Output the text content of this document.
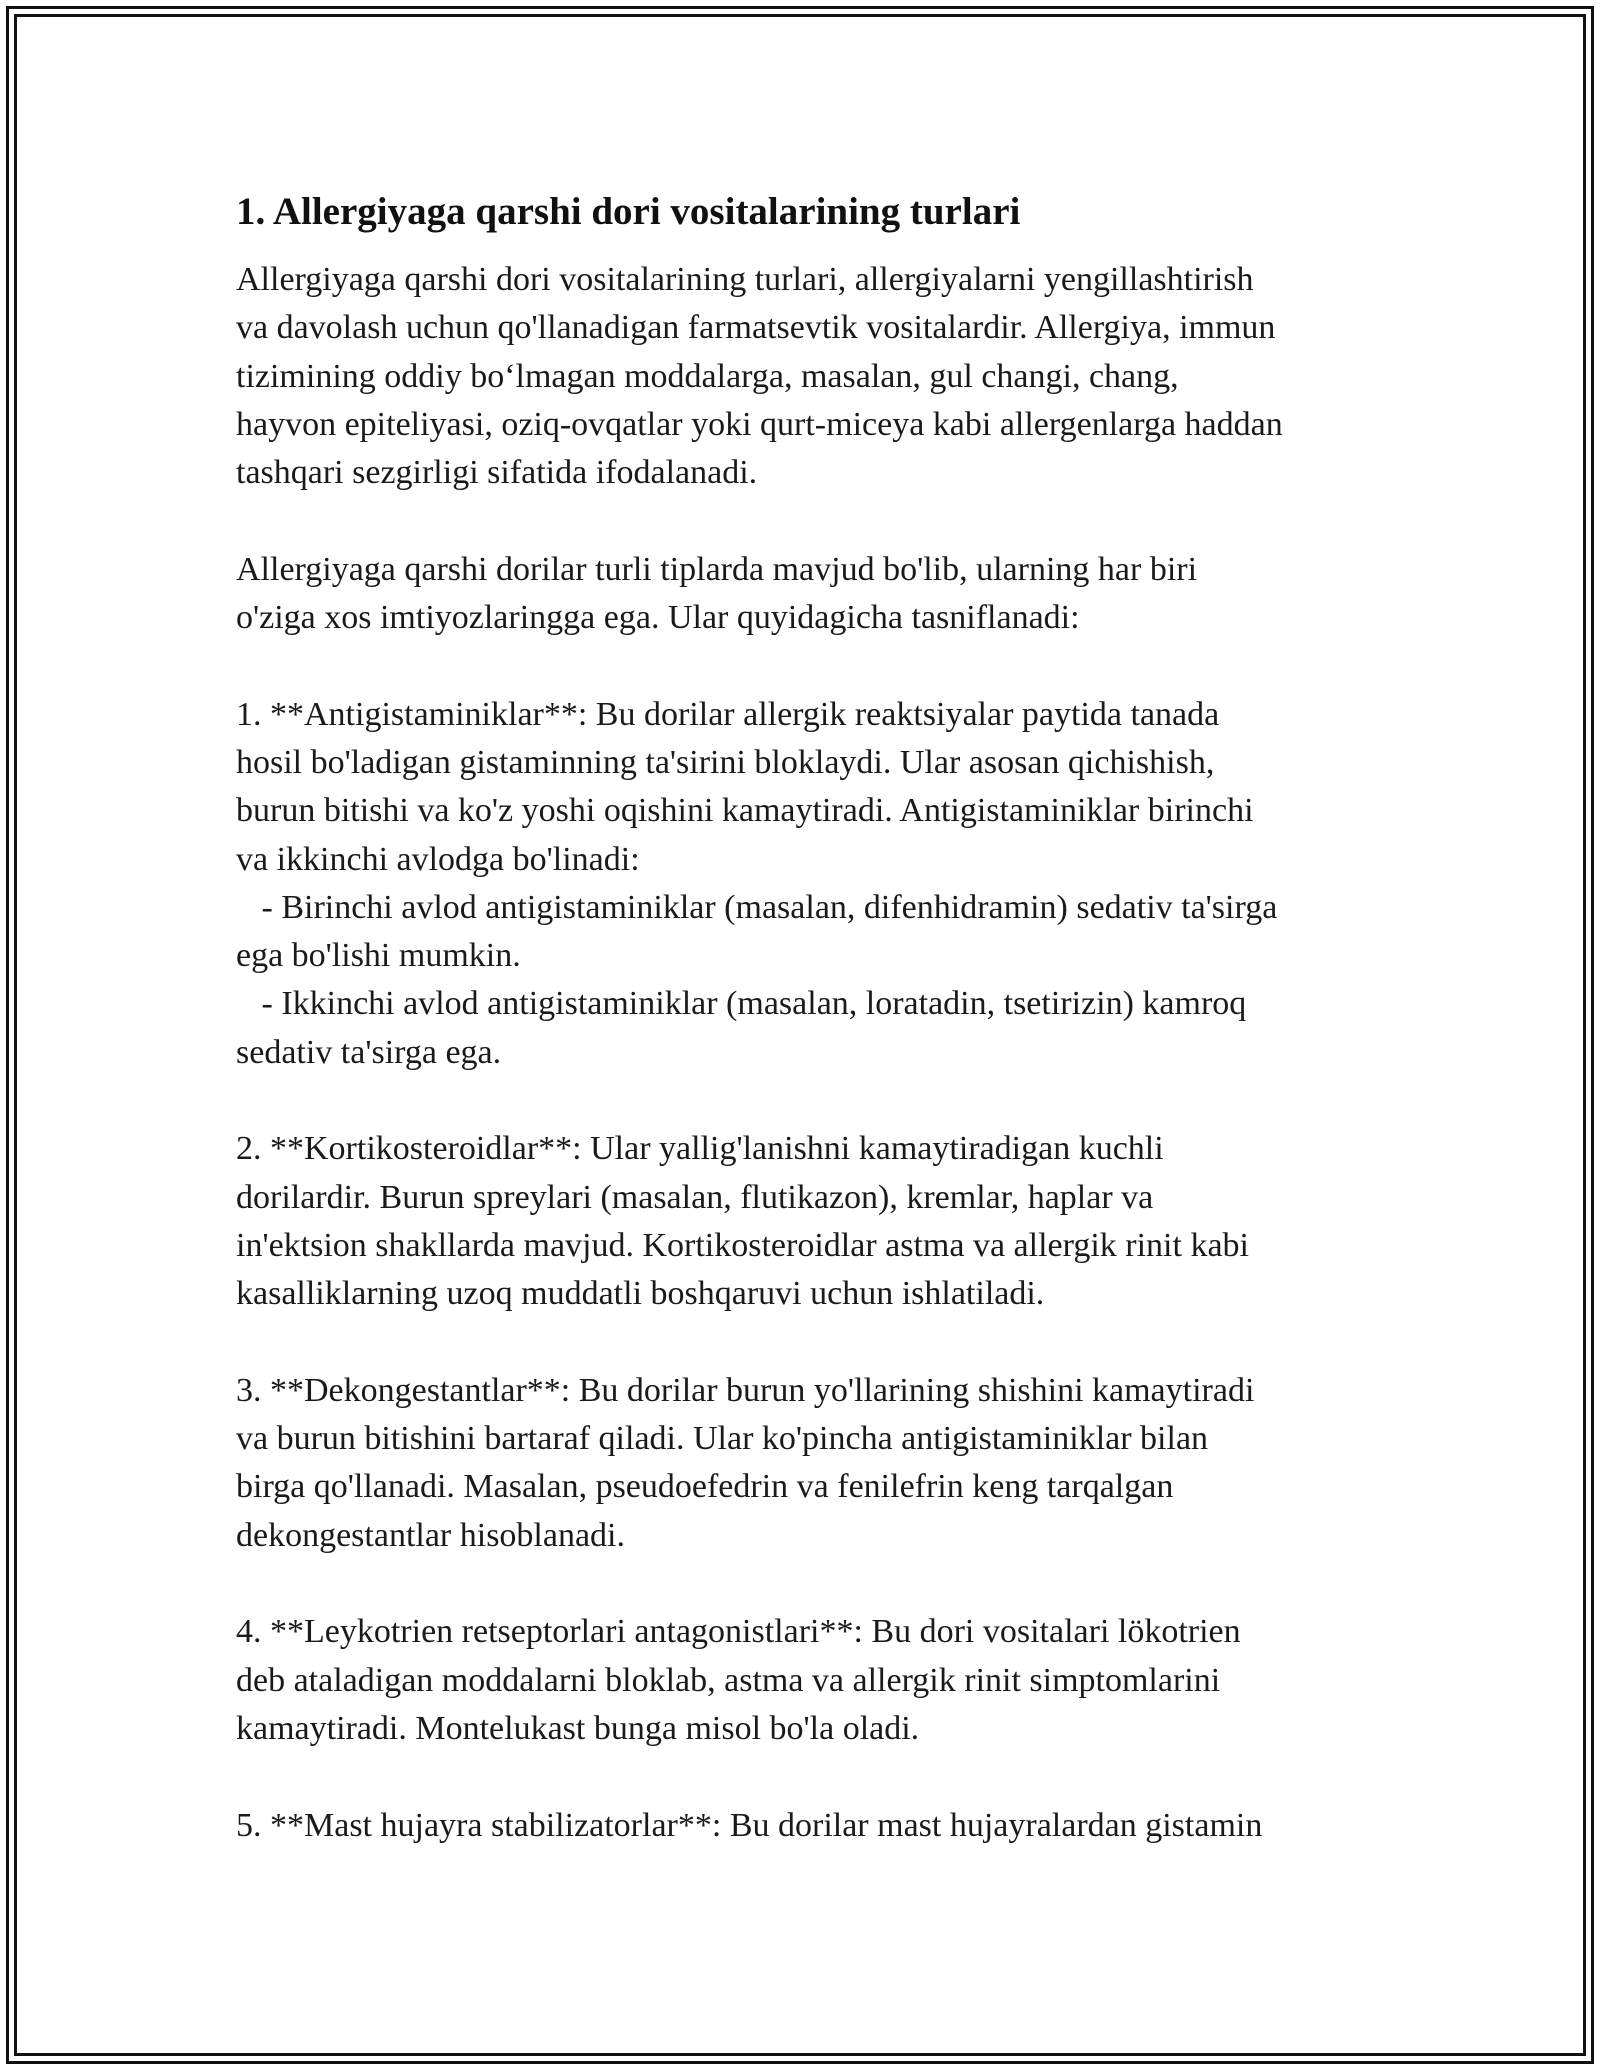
1. Allergiyaga qarshi dori vositalarining turlari
Allergiyaga qarshi dori vositalarining turlari, allergiyalarni yengillashtirish
va davolash uchun qo'llanadigan farmatsevtik vositalardir. Allergiya, immun
tizimining oddiy bo‘lmagan moddalarga, masalan, gul changi, chang,
hayvon epiteliyasi, oziq-ovqatlar yoki qurt-miceya kabi allergenlarga haddan
tashqari sezgirligi sifatida ifodalanadi.
Allergiyaga qarshi dorilar turli tiplarda mavjud bo'lib, ularning har biri
o'ziga xos imtiyozlaringga ega. Ular quyidagicha tasniflanadi:
1. **Antigistaminiklar**: Bu dorilar allergik reaktsiyalar paytida tanada
hosil bo'ladigan gistaminning ta'sirini bloklaydi. Ular asosan qichishish,
burun bitishi va ko'z yoshi oqishini kamaytiradi. Antigistaminiklar birinchi
va ikkinchi avlodga bo'linadi:
- Birinchi avlod antigistaminiklar (masalan, difenhidramin) sedativ ta'sirga
ega bo'lishi mumkin.
- Ikkinchi avlod antigistaminiklar (masalan, loratadin, tsetirizin) kamroq
sedativ ta'sirga ega.
2. **Kortikosteroidlar**: Ular yallig'lanishni kamaytiradigan kuchli
dorilardir. Burun spreylari (masalan, flutikazon), kremlar, haplar va
in'ektsion shakllarda mavjud. Kortikosteroidlar astma va allergik rinit kabi
kasalliklarning uzoq muddatli boshqaruvi uchun ishlatiladi.
3. **Dekongestantlar**: Bu dorilar burun yo'llarining shishini kamaytiradi
va burun bitishini bartaraf qiladi. Ular ko'pincha antigistaminiklar bilan
birga qo'llanadi. Masalan, pseudoefedrin va fenilefrin keng tarqalgan
dekongestantlar hisoblanadi.
4. **Leykotrien retseptorlari antagonistlari**: Bu dori vositalari lökotrien
deb ataladigan moddalarni bloklab, astma va allergik rinit simptomlarini
kamaytiradi. Montelukast bunga misol bo'la oladi.
5. **Mast hujayra stabilizatorlar**: Bu dorilar mast hujayralardan gistamin
